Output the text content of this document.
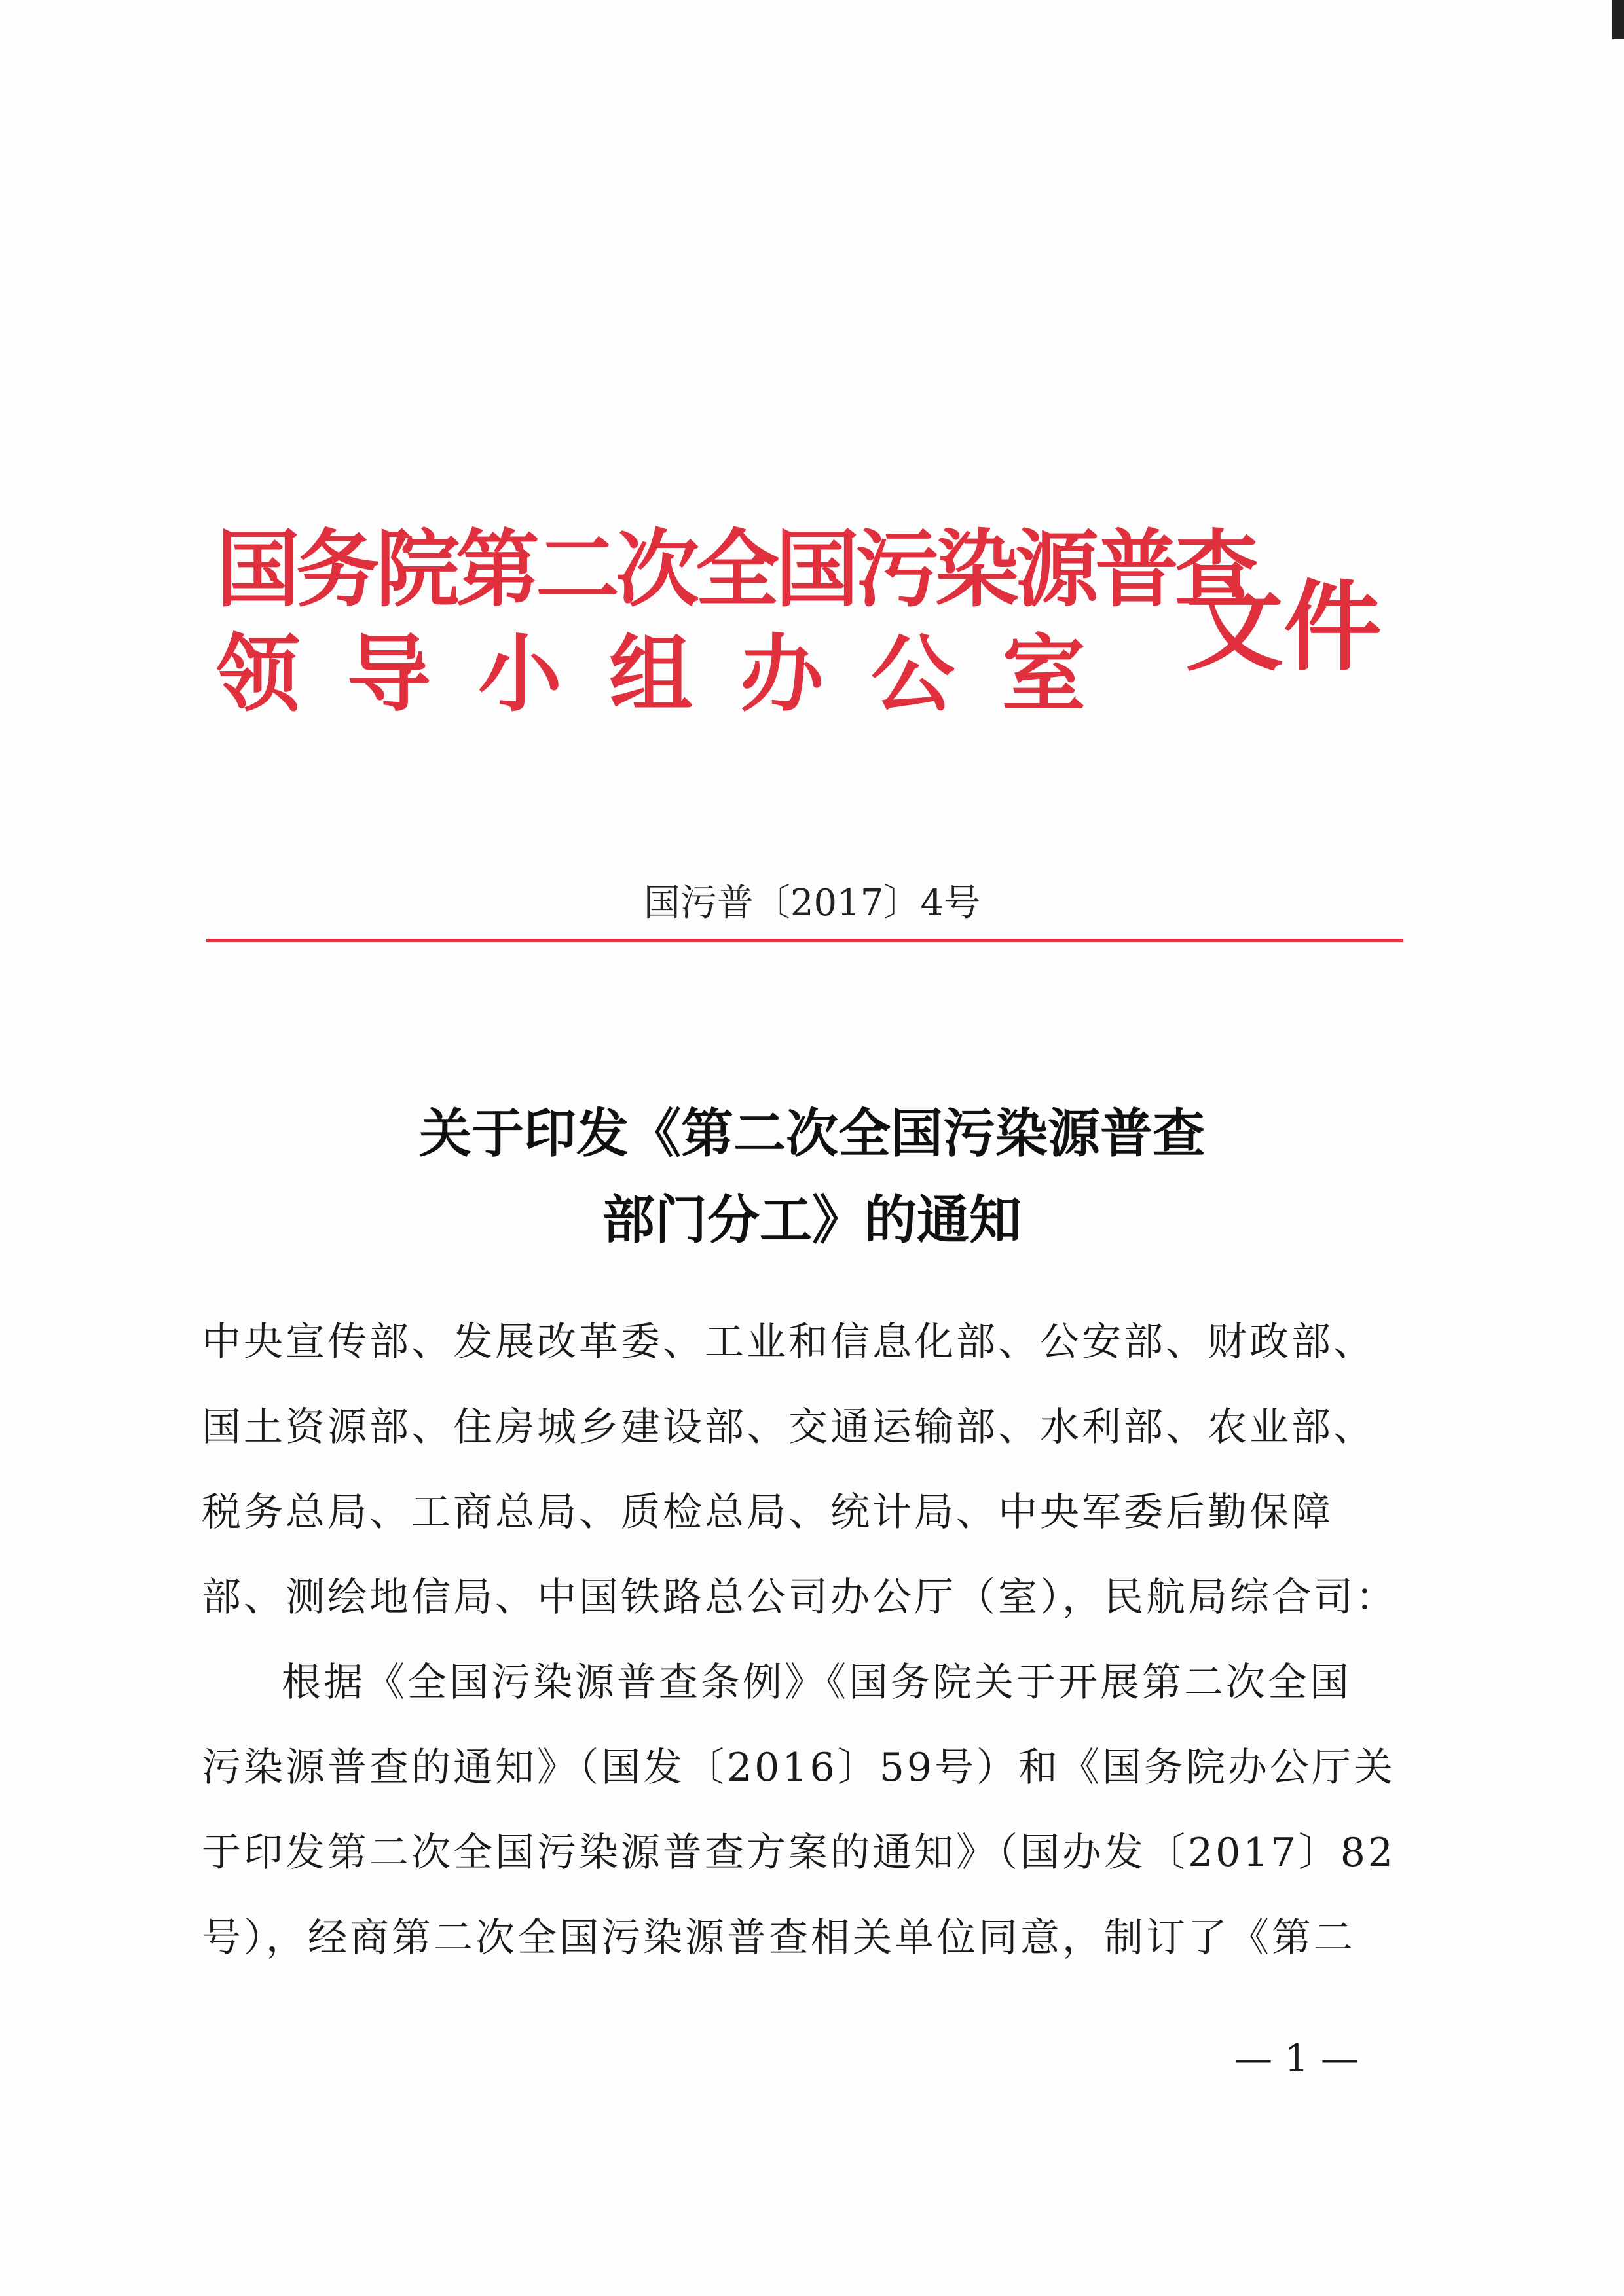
国务院第二次全国污染源普查
领导小组办公室 文件
国污普〔2017〕4号
关于印发《第二次全国污染源普查
部门分工》的通知
中央宣传部、发展改革委、工业和信息化部、公安部、财政部、
国土资源部、住房城乡建设部、交通运输部、水利部、农业部、
税务总局、工商总局、质检总局、统计局、中央军委后勤保障
部、测绘地信局、中国铁路总公司办公厅（室），民航局综合司：
根据《全国污染源普查条例》《国务院关于开展第二次全国
污染源普查的通知》（国发〔2016〕59号）和《国务院办公厅关
于印发第二次全国污染源普查方案的通知》（国办发〔2017〕82
号），经商第二次全国污染源普查相关单位同意，制订了《第二
— 1 —
